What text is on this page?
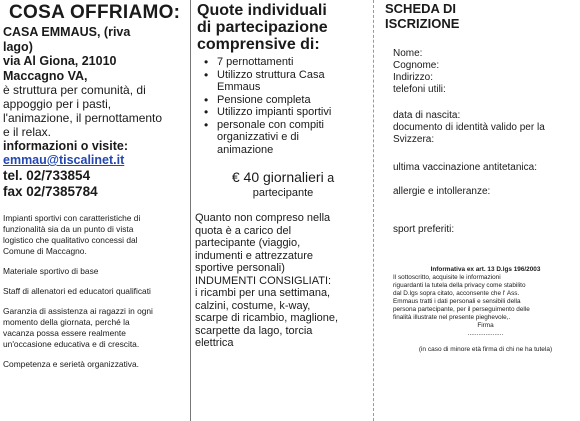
COSA OFFRIAMO:

CASA EMMAUS, (riva

lago)

via Al Giona, 21010

Maccagno VA,

è struttura per comunità, di

appoggio per i pasti,

l'animazione, il pernottamento

e il relax.

informazioni o visite:

emmau@tiscalinet.it

tel. 02/733854

fax 02/7385784

Impianti sportivi con caratteristiche di

funzionalità sia da un punto di vista

logistico che qualitativo concessi dal

Comune di Maccagno.

Materiale sportivo di base

Staff di allenatori ed educatori qualificati

Garanzia di assistenza ai ragazzi in ogni

momento della giornata, perché la

vacanza possa essere realmente

un'occasione educativa e di crescita.

Competenza e serietà organizzativa.

Quote individuali

di partecipazione

comprensive di:

• 7 pernottamenti
• Utilizzo struttura Casa
Emmaus
• Pensione completa
• Utilizzo impianti sportivi
• personale con compiti
organizzativi e di
animazione
€ 40 giornalieri a
partecipante

Quanto non compreso nella

quota è a carico del

partecipante (viaggio,

indumenti e attrezzature

sportive personali)

INDUMENTI CONSIGLIATI:

i ricambi per una settimana,

calzini, costume, k-way,

scarpe di ricambio, maglione,

scarpette da lago, torcia

elettrica

SCHEDA DI

ISCRIZIONE

Nome:

Cognome:

Indirizzo:

telefoni utili:

data di nascita:

documento di identità valido per la

Svizzera:

ultima vaccinazione antitetanica:

allergie e intolleranze:

sport preferiti:

Informativa ex art. 13 D.lgs 196/2003

Il sottoscritto, acquisite le informazioni

riguardanti la tutela della privacy come stabilito

dal D.lgs sopra citato, acconsente che l' Ass.

Emmaus tratti i dati personali e sensibili della

persona partecipante, per il perseguimento delle

finalità illustrate nel presente pieghevole,.

Firma

....................

(in caso di minore età firma di chi ne ha tutela)
